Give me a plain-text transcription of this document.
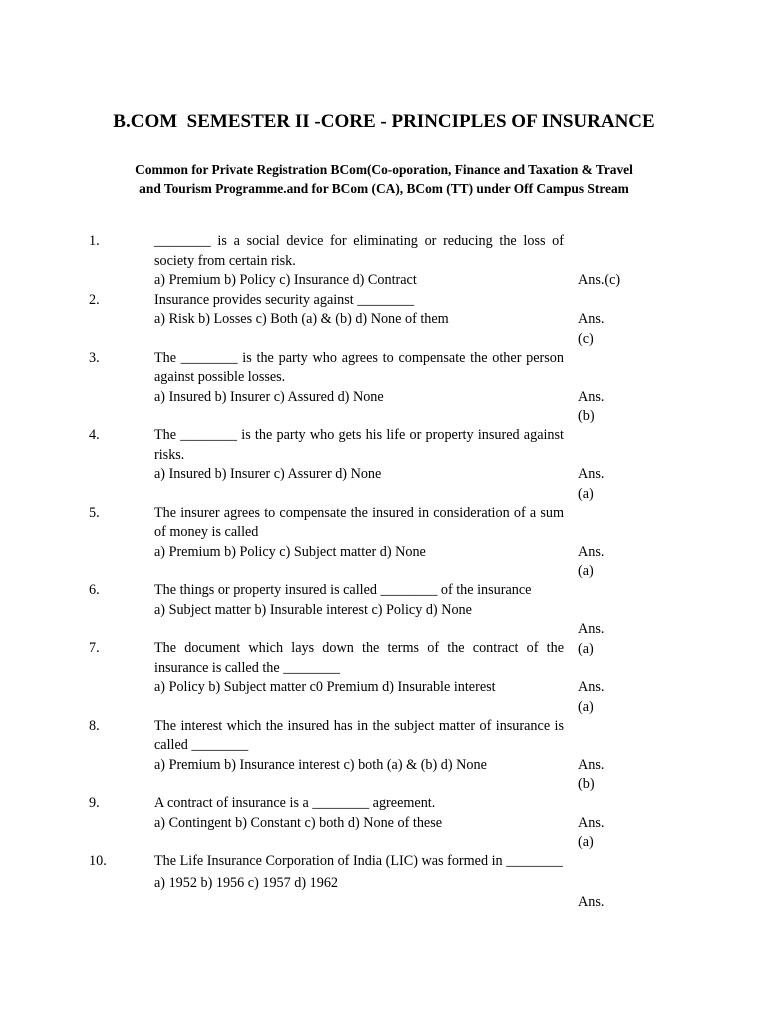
B.COM  SEMESTER II -CORE - PRINCIPLES OF INSURANCE
Common for Private Registration BCom(Co-oporation, Finance and Taxation & Travel
and Tourism Programme.and for BCom (CA), BCom (TT) under Off Campus Stream
1.	________ is a social device for eliminating or reducing the loss of society from certain risk.
a) Premium b) Policy c) Insurance d) Contract	Ans.(c)
2.	Insurance provides security against ________
a) Risk b) Losses c) Both (a) & (b) d) None of them	Ans.
(c)
3.	The ________ is the party who agrees to compensate the other person against possible losses.
a) Insured b) Insurer c) Assured d) None	Ans.
(b)
4.	The ________ is the party who gets his life or property insured against risks.
a) Insured b) Insurer c) Assurer d) None	Ans.
(a)
5.	The insurer agrees to compensate the insured in consideration of a sum of money is called
a) Premium b) Policy c) Subject matter d) None	Ans.
(a)
6.	The things or property insured is called ________ of the insurance
a) Subject matter b) Insurable interest c) Policy d) None
Ans.
(a)
7.	The document which lays down the terms of the contract of the insurance is called the ________
a) Policy b) Subject matter c0 Premium d) Insurable interest	Ans.
(a)
8.	The interest which the insured has in the subject matter of insurance is called ________
a) Premium b) Insurance interest c) both (a) & (b) d) None	Ans.
(b)
9.	A contract of insurance is a ________ agreement.
a) Contingent b) Constant c) both d) None of these	Ans.
(a)
10.	The Life Insurance Corporation of India (LIC) was formed in ________
a) 1952 b) 1956 c) 1957 d) 1962
Ans.
